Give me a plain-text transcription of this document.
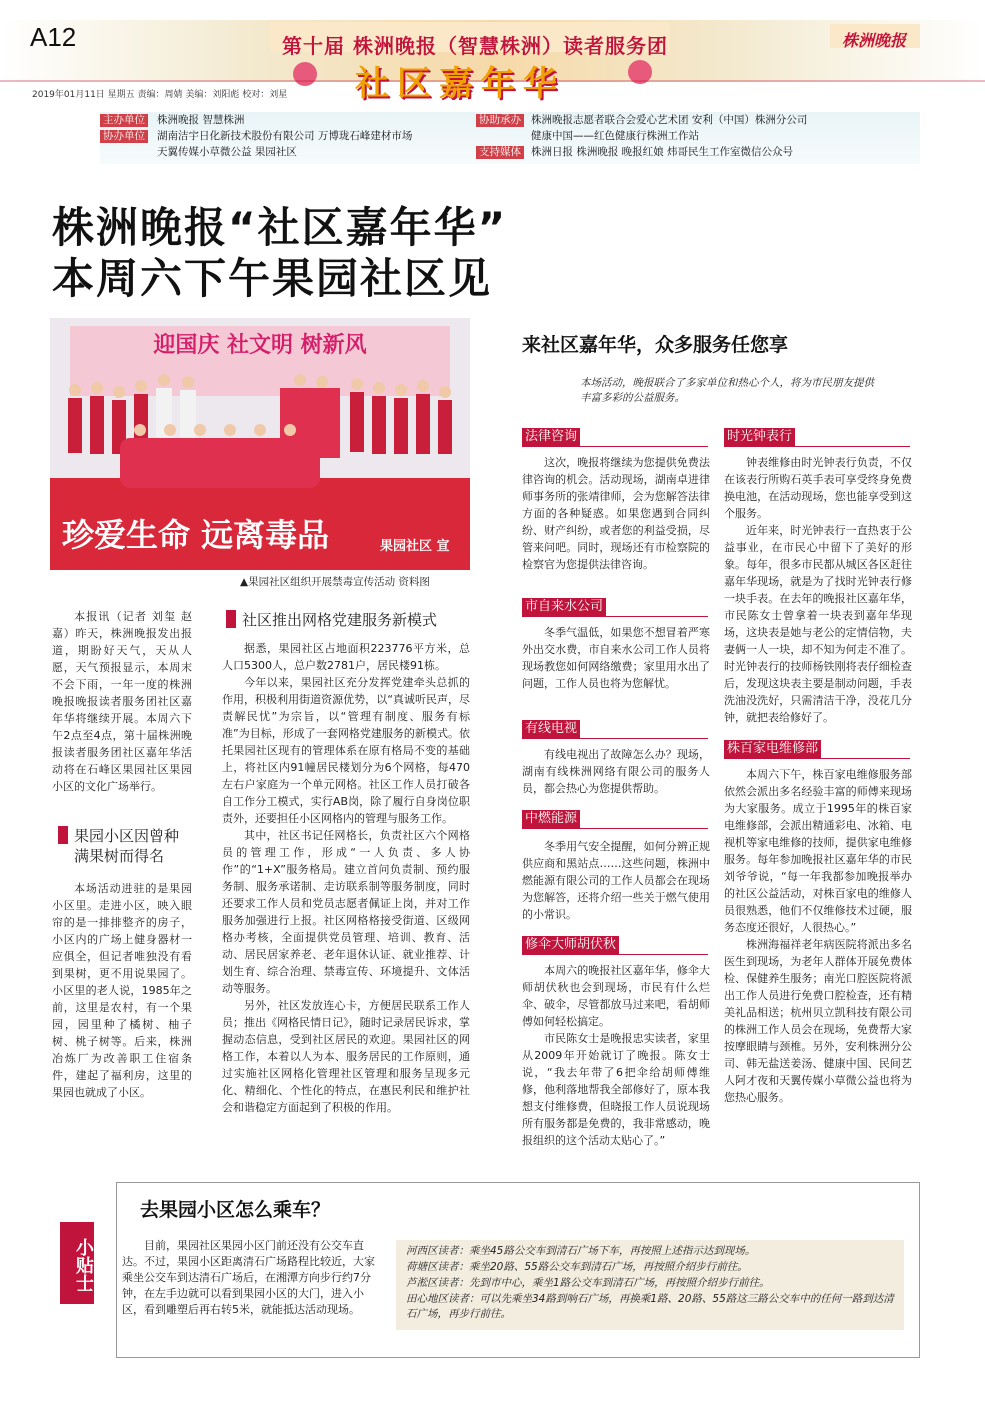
A12	第十届 株洲晚报（智慧株洲）读者服务团	株洲晚报
社区嘉年华
2019年01月11日 星期五 责编：周婧 美编：刘阳彪 校对：刘星
主办单位 株洲晚报 智慧株洲
协办单位 湖南洁宇日化新技术股份有限公司 万博珑石峰建材市场
天翼传媒小草微公益 果园社区
协助承办 株洲晚报志愿者联合会爱心艺术团 安利（中国）株洲分公司
健康中国——红色健康行株洲工作站
支持媒体 株洲日报 株洲晚报 晚报红娘 炜哥民生工作室微信公众号
株洲晚报“社区嘉年华”
本周六下午果园社区见
迎国庆 社文明 树新风
珍爱生命 远离毒品	果园社区 宣
▲果园社区组织开展禁毒宣传活动 资料图

本报讯（记者 刘玺 赵嘉）昨天，株洲晚报发出报道，期盼好天气，天从人愿，天气预报显示，本周末不会下雨，一年一度的株洲晚报晚报读者服务团社区嘉年华将继续开展。本周六下午2点至4点，第十届株洲晚报读者服务团社区嘉年华活动将在石峰区果园社区果园小区的文化广场举行。

果园小区因曾种满果树而得名

本场活动进驻的是果园小区里。走进小区，映入眼帘的是一排排整齐的房子，小区内的广场上健身器材一应俱全，但记者唯独没有看到果树，更不用说果园了。小区里的老人说，1985年之前，这里是农村，有一个果园，园里种了橘树、柚子树、桃子树等。后来，株洲冶炼厂为改善职工住宿条件，建起了福利房，这里的果园也就成了小区。

社区推出网格党建服务新模式

据悉，果园社区占地面积223776平方米，总人口5300人，总户数2781户，居民楼91栋。

今年以来，果园社区充分发挥党建牵头总抓的作用，积极利用街道资源优势，以“真诚听民声，尽责解民忧”为宗旨，以“管理有制度、服务有标准”为目标，形成了一套网格党建服务的新模式。依托果园社区现有的管理体系在原有格局不变的基础上，将社区内91幢居民楼划分为6个网格，每470左右户家庭为一个单元网格。社区工作人员打破各自工作分工模式，实行AB岗，除了履行自身岗位职责外，还要担任小区网格内的管理与服务工作。

其中，社区书记任网格长，负责社区六个网格员的管理工作，形成“一人负责、多人协作”的“1+X”服务格局。建立首问负责制、预约服务制、服务承诺制、走访联系制等服务制度，同时还要求工作人员和党员志愿者佩证上岗，并对工作服务加强进行上报。社区网格格接受街道、区级网格办考核，全面提供党员管理、培训、教育、活动、居民居家养老、老年退休认证、就业推荐、计划生育、综合治理、禁毒宣传、环境提升、文体活动等服务。

另外，社区发放连心卡，方便居民联系工作人员；推出《网格民情日记》，随时记录居民诉求，掌握动态信息，受到社区居民的欢迎。果园社区的网格工作，本着以人为本、服务居民的工作原则，通过实施社区网格化管理社区管理和服务呈现多元化、精细化、个性化的特点，在惠民利民和维护社会和谐稳定方面起到了积极的作用。

来社区嘉年华，众多服务任您享
本场活动，晚报联合了多家单位和热心个人，将为市民朋友提供丰富多彩的公益服务。
法律咨询

这次，晚报将继续为您提供免费法律咨询的机会。活动现场，湖南卓进律师事务所的张靖律师，会为您解答法律方面的各种疑惑。如果您遇到合同纠纷、财产纠纷，或者您的利益受损，尽管来问吧。同时，现场还有市检察院的检察官为您提供法律咨询。

市自来水公司

冬季气温低，如果您不想冒着严寒外出交水费，市自来水公司工作人员将现场教您如何网络缴费；家里用水出了问题，工作人员也将为您解忧。

有线电视

有线电视出了故障怎么办？现场，湖南有线株洲网络有限公司的服务人员，都会热心为您提供帮助。

中燃能源

冬季用气安全提醒，如何分辨正规供应商和黑站点……这些问题，株洲中燃能源有限公司的工作人员都会在现场为您解答，还将介绍一些关于燃气使用的小常识。

修伞大师胡伏秋

本周六的晚报社区嘉年华，修伞大师胡伏秋也会到现场，市民有什么烂伞、破伞，尽管都放马过来吧，看胡师傅如何轻松搞定。

市民陈女士是晚报忠实读者，家里从2009年开始就订了晚报。陈女士说，“我去年带了6把伞给胡师傅维修，他利落地帮我全部修好了，原本我想支付维修费，但晓报工作人员说现场所有服务都是免费的，我非常感动，晚报组织的这个活动太贴心了。”

时光钟表行

钟表维修由时光钟表行负责，不仅在该表行所购石英手表可享受终身免费换电池，在活动现场，您也能享受到这个服务。

近年来，时光钟表行一直热衷于公益事业，在市民心中留下了美好的形象。每年，很多市民都从城区各区赶往嘉年华现场，就是为了找时光钟表行修一块手表。在去年的晚报社区嘉年华，市民陈女士曾拿着一块表到嘉年华现场，这块表是她与老公的定情信物，夫妻俩一人一块，却不知为何走不准了。时光钟表行的技师杨铁刚将表仔细检查后，发现这块表主要是制动问题，手表洗油没洗好，只需清洁干净，没花几分钟，就把表给修好了。

株百家电维修部

本周六下午，株百家电维修服务部依然会派出多名经验丰富的师傅来现场为大家服务。成立于1995年的株百家电维修部，会派出精通彩电、冰箱、电视机等家电维修的技师，提供家电维修服务。每年参加晚报社区嘉年华的市民刘爷爷说，“每一年我都参加晚报举办的社区公益活动，对株百家电的维修人员很熟悉，他们不仅维修技术过硬，服务态度还很好，人很热心。”

株洲海福祥老年病医院将派出多名医生到现场，为老年人群体开展免费体检、保健养生服务；南光口腔医院将派出工作人员进行免费口腔检查，还有精美礼品相送；杭州贝立凯科技有限公司的株洲工作人员会在现场，免费帮大家按摩眼睛与颈椎。另外，安利株洲分公司、韩无盐送姜汤、健康中国、民间艺人阿才夜和天翼传媒小草微公益也将为您热心服务。

小贴士
去果园小区怎么乘车？

目前，果园社区果园小区门前还没有公交车直达。不过，果园小区距离清石广场路程比较近，大家乘坐公交车到达清石广场后，在湘潭方向步行约7分钟，在左手边就可以看到果园小区的大门，进入小区，看到雕塑后再右转5米，就能抵达活动现场。

河西区读者：乘坐45路公交车到清石广场下车，再按照上述指示达到现场。
荷塘区读者：乘坐20路、55路公交车到清石广场，再按照介绍步行前往。
芦淞区读者：先到市中心，乘坐1路公交车到清石广场，再按照介绍步行前往。
田心地区读者：可以先乘坐34路到响石广场，再换乘1路、20路、55路这三路公交车中的任何一路到达清石广场，再步行前往。
